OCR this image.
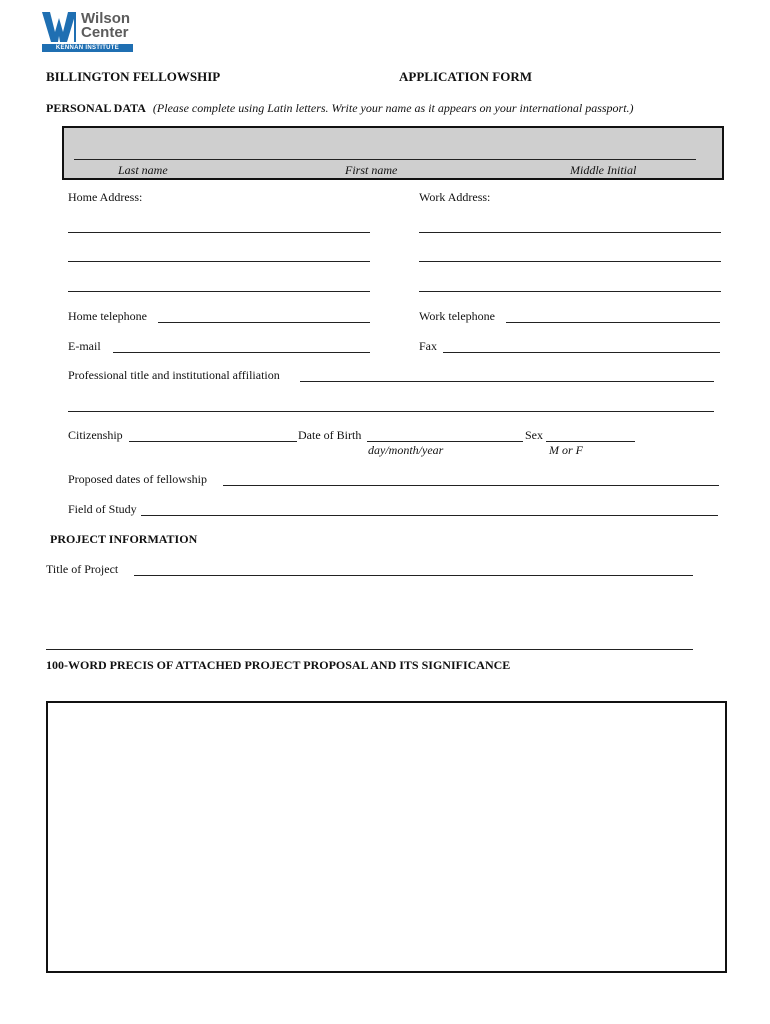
Wilson
Center
KENNAN INSTITUTE
BILLINGTON FELLOWSHIP	APPLICATION FORM
PERSONAL DATA (Please complete using Latin letters. Write your name as it appears on your international passport.)
Last name	First name	Middle Initial
Home Address:	Work Address:
Home telephone	Work telephone
E-mail	Fax
Professional title and institutional affiliation
Citizenship	Date of Birth	Sex
day/month/year	M or F
Proposed dates of fellowship
Field of Study
PROJECT INFORMATION
Title of Project
100-WORD PRECIS OF ATTACHED PROJECT PROPOSAL AND ITS SIGNIFICANCE
